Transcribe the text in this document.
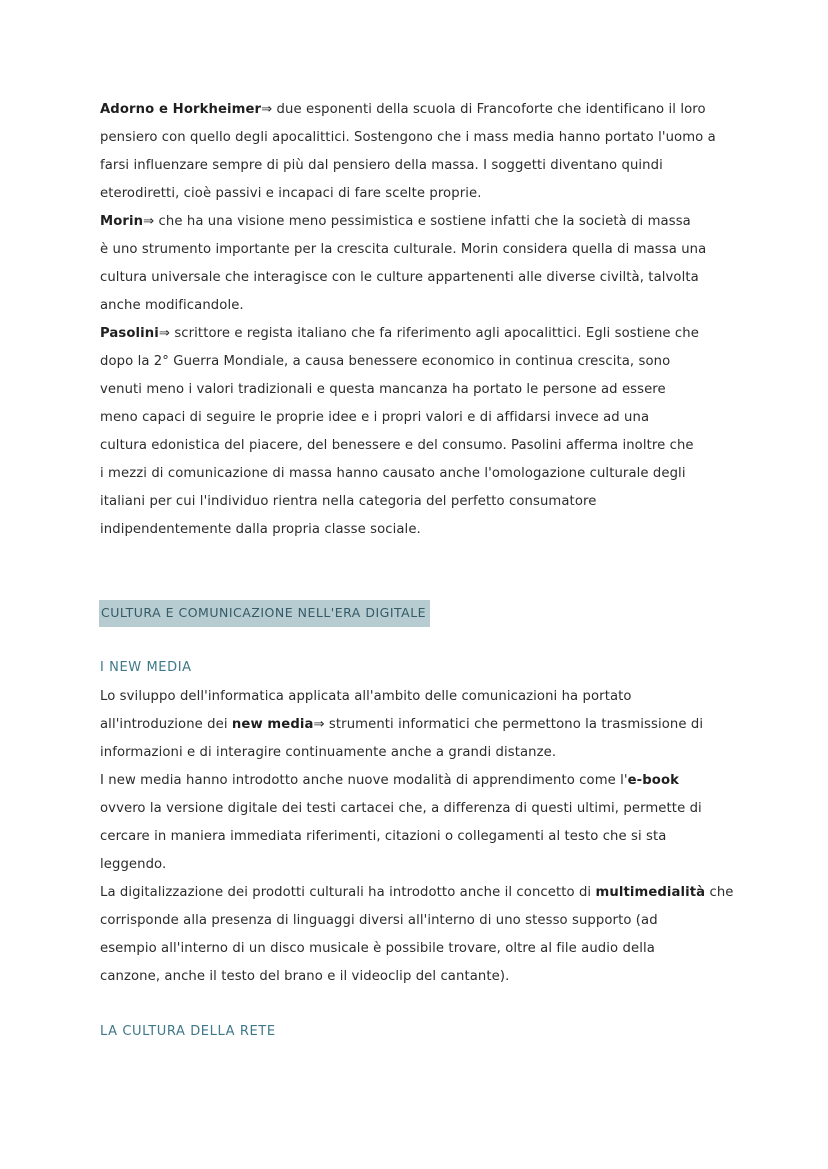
Adorno e Horkheimer⇒ due esponenti della scuola di Francoforte che identificano il loro
pensiero con quello degli apocalittici. Sostengono che i mass media hanno portato l'uomo a
farsi influenzare sempre di più dal pensiero della massa. I soggetti diventano quindi
eterodiretti, cioè passivi e incapaci di fare scelte proprie.
Morin⇒ che ha una visione meno pessimistica e sostiene infatti che la società di massa
è uno strumento importante per la crescita culturale. Morin considera quella di massa una
cultura universale che interagisce con le culture appartenenti alle diverse civiltà, talvolta
anche modificandole.
Pasolini⇒ scrittore e regista italiano che fa riferimento agli apocalittici. Egli sostiene che
dopo la 2° Guerra Mondiale, a causa benessere economico in continua crescita, sono
venuti meno i valori tradizionali e questa mancanza ha portato le persone ad essere
meno capaci di seguire le proprie idee e i propri valori e di affidarsi invece ad una
cultura edonistica del piacere, del benessere e del consumo. Pasolini afferma inoltre che
i mezzi di comunicazione di massa hanno causato anche l'omologazione culturale degli
italiani per cui l'individuo rientra nella categoria del perfetto consumatore
indipendentemente dalla propria classe sociale.
CULTURA E COMUNICAZIONE NELL'ERA DIGITALE
I NEW MEDIA
Lo sviluppo dell'informatica applicata all'ambito delle comunicazioni ha portato
all'introduzione dei new media⇒ strumenti informatici che permettono la trasmissione di
informazioni e di interagire continuamente anche a grandi distanze.
I new media hanno introdotto anche nuove modalità di apprendimento come l'e-book
ovvero la versione digitale dei testi cartacei che, a differenza di questi ultimi, permette di
cercare in maniera immediata riferimenti, citazioni o collegamenti al testo che si sta
leggendo.
La digitalizzazione dei prodotti culturali ha introdotto anche il concetto di multimedialità che
corrisponde alla presenza di linguaggi diversi all'interno di uno stesso supporto (ad
esempio all'interno di un disco musicale è possibile trovare, oltre al file audio della
canzone, anche il testo del brano e il videoclip del cantante).
LA CULTURA DELLA RETE
